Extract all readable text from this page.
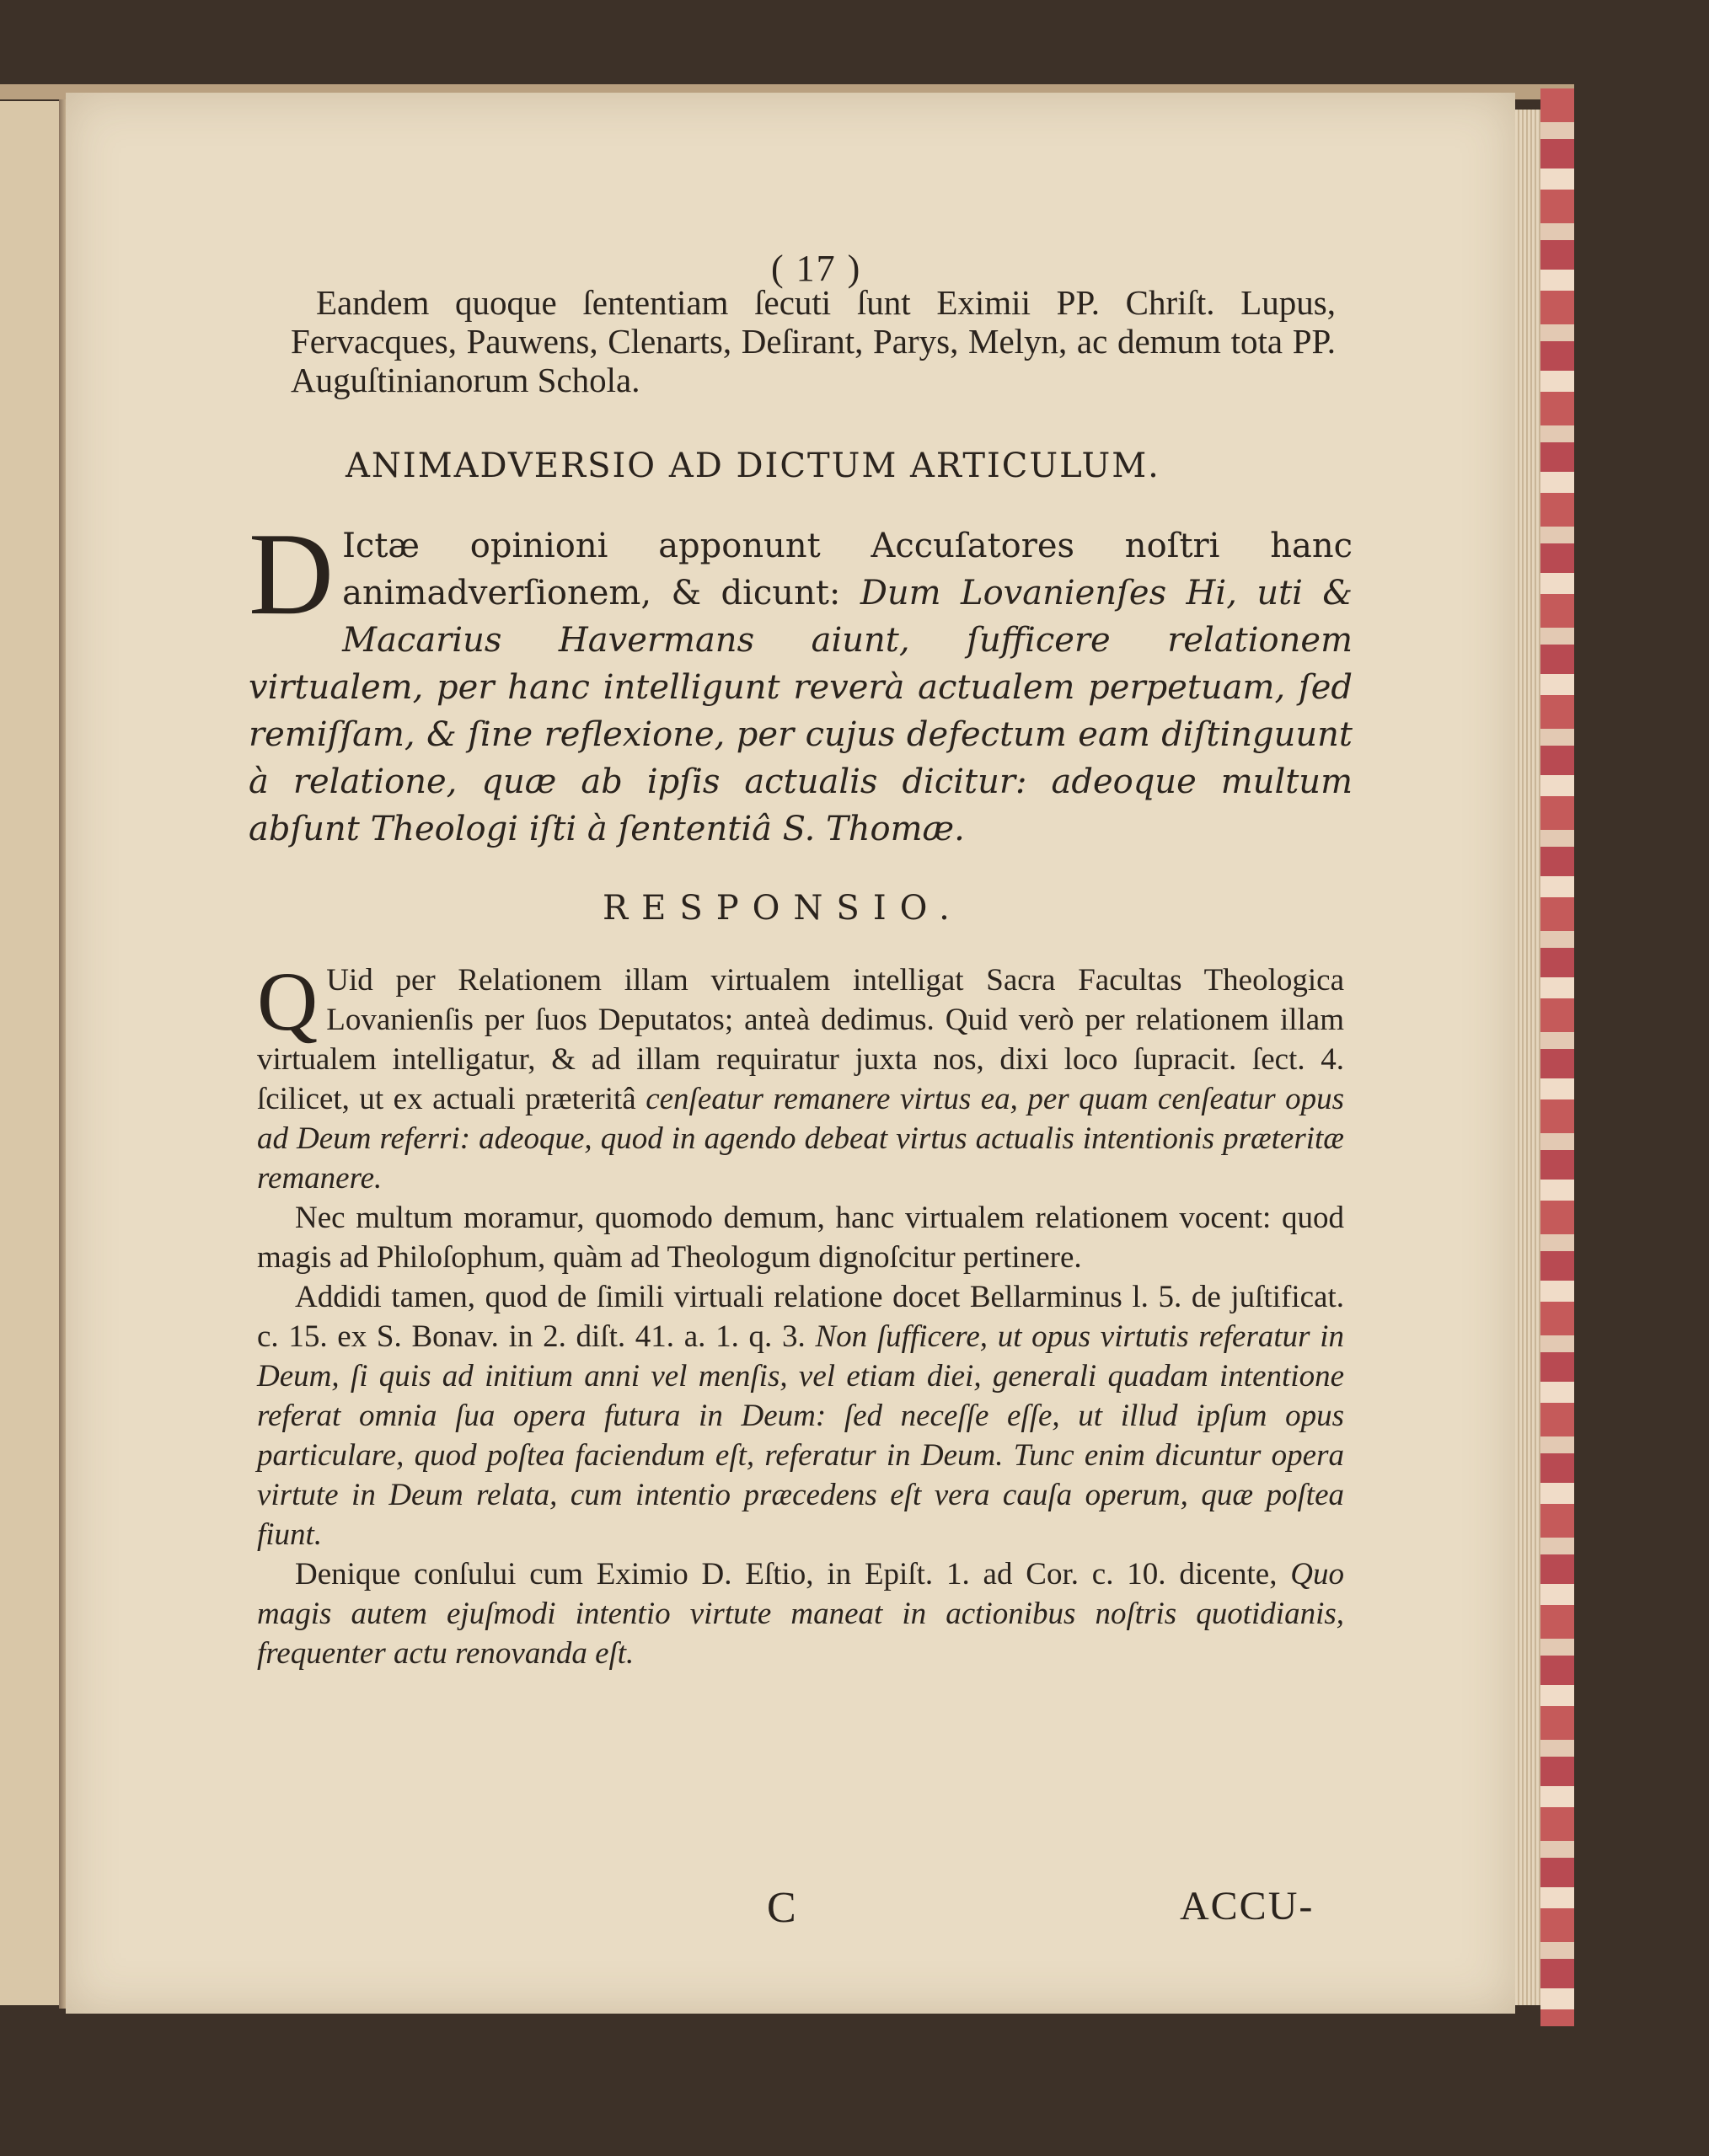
( 17 )
Eandem quoque ſententiam ſecuti ſunt Eximii PP. Chriſt. Lupus, Fervacques, Pauwens, Clenarts, Deſirant, Parys, Melyn, ac demum tota PP. Auguſtinianorum Schola.
ANIMADVERSIO AD DICTUM ARTICULUM.
D Ictæ opinioni apponunt Accuſatores noſtri hanc animadverſionem, & dicunt: Dum Lovanienſes Hi, uti & Macarius Havermans aiunt, ſufficere relationem virtualem, per hanc intelligunt reverà actualem perpetuam, ſed remiſſam, & ſine reflexione, per cujus defectum eam diſtinguunt à relatione, quæ ab ipſis actualis dicitur: adeoque multum abſunt Theologi iſti à ſententiâ S. Thomæ.
RESPONSIO.

Q Uid per Relationem illam virtualem intelligat Sacra Facultas Theologica Lovanienſis per ſuos Deputatos; anteà dedimus. Quid verò per relationem illam virtualem intelligatur, & ad illam requiratur juxta nos, dixi loco ſupracit. ſect. 4. ſcilicet, ut ex actuali præteritâ cenſeatur remanere virtus ea, per quam cenſeatur opus ad Deum referri: adeoque, quod in agendo debeat virtus actualis intentionis præteritæ remanere.

Nec multum moramur, quomodo demum, hanc virtualem relationem vocent: quod magis ad Philoſophum, quàm ad Theologum dignoſcitur pertinere.

Addidi tamen, quod de ſimili virtuali relatione docet Bellarminus l. 5. de juſtificat. c. 15. ex S. Bonav. in 2. diſt. 41. a. 1. q. 3. Non ſufficere, ut opus virtutis referatur in Deum, ſi quis ad initium anni vel menſis, vel etiam diei, generali quadam intentione referat omnia ſua opera futura in Deum: ſed neceſſe eſſe, ut illud ipſum opus particulare, quod poſtea faciendum eſt, referatur in Deum. Tunc enim dicuntur opera virtute in Deum relata, cum intentio præcedens eſt vera cauſa operum, quæ poſtea fiunt.

Denique conſului cum Eximio D. Eſtio, in Epiſt. 1. ad Cor. c. 10. dicente, Quo magis autem ejuſmodi intentio virtute maneat in actionibus noſtris quotidianis, frequenter actu renovanda eſt.

C	ACCU-
